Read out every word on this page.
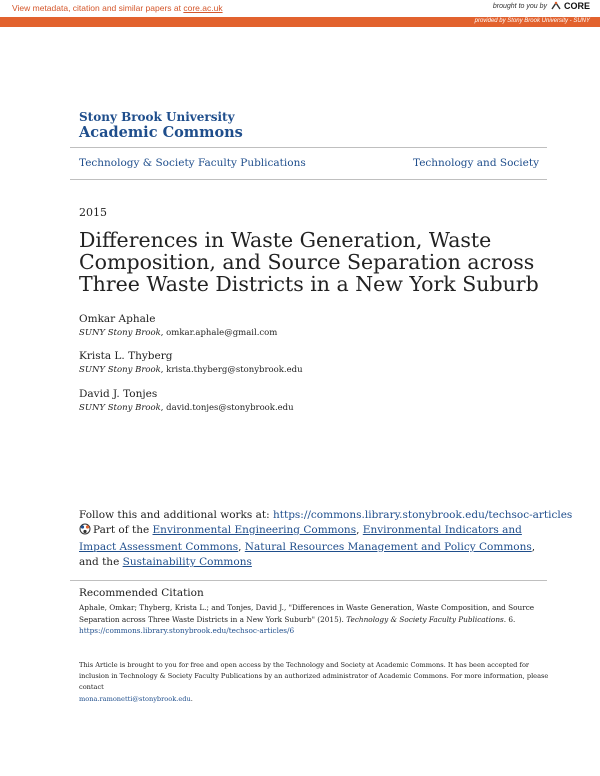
View metadata, citation and similar papers at core.ac.uk	brought to you by CORE
provided by Stony Brook University - SUNY
Stony Brook University
Academic Commons
Technology & Society Faculty Publications	Technology and Society
2015
Differences in Waste Generation, Waste Composition, and Source Separation across Three Waste Districts in a New York Suburb
Omkar Aphale
SUNY Stony Brook, omkar.aphale@gmail.com
Krista L. Thyberg
SUNY Stony Brook, krista.thyberg@stonybrook.edu
David J. Tonjes
SUNY Stony Brook, david.tonjes@stonybrook.edu
Follow this and additional works at: https://commons.library.stonybrook.edu/techsoc-articles
Part of the Environmental Engineering Commons, Environmental Indicators and Impact Assessment Commons, Natural Resources Management and Policy Commons, and the Sustainability Commons
Recommended Citation
Aphale, Omkar; Thyberg, Krista L.; and Tonjes, David J., "Differences in Waste Generation, Waste Composition, and Source Separation across Three Waste Districts in a New York Suburb" (2015). Technology & Society Faculty Publications. 6.
https://commons.library.stonybrook.edu/techsoc-articles/6
This Article is brought to you for free and open access by the Technology and Society at Academic Commons. It has been accepted for inclusion in Technology & Society Faculty Publications by an authorized administrator of Academic Commons. For more information, please contact
mona.ramonetti@stonybrook.edu.
